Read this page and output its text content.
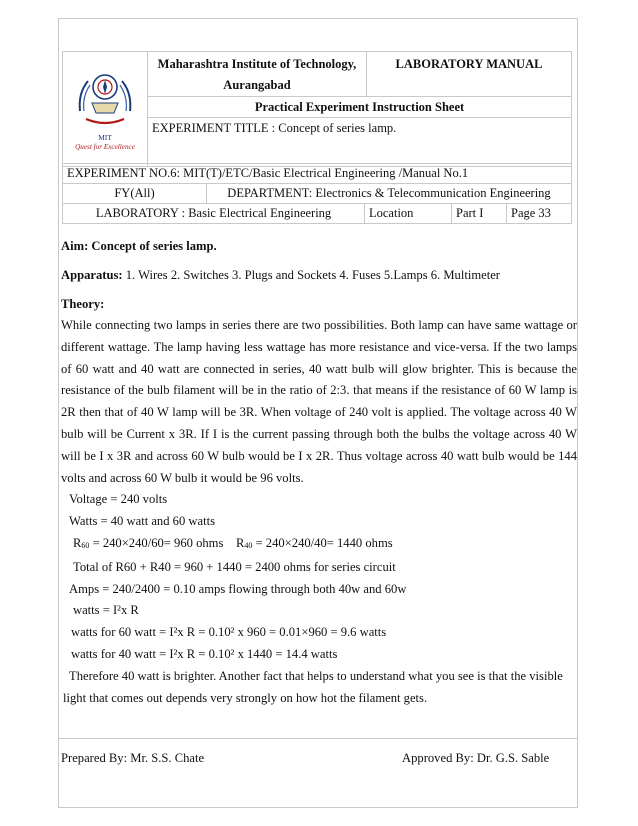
MIT
Quest for Excellence

Maharashtra Institute of Technology,
Aurangabad
	LABORATORY MANUAL
Practical Experiment Instruction Sheet
EXPERIMENT TITLE : Concept of series lamp.
EXPERIMENT NO.6: MIT(T)/ETC/Basic Electrical Engineering /Manual No.1				
FY(All)	DEPARTMENT: Electronics & Telecommunication Engineering			
LABORATORY : Basic Electrical Engineering		Location	Part I	Page 33

Aim: Concept of series lamp.

Apparatus: 1. Wires 2. Switches 3. Plugs and Sockets 4. Fuses 5.Lamps 6. Multimeter

Theory:

While connecting two lamps in series there are two possibilities. Both lamp can have same wattage or different wattage. The lamp having less wattage has more resistance and vice-versa. If the two lamps of 60 watt and 40 watt are connected in series, 40 watt bulb will glow brighter. This is because the resistance of the bulb filament will be in the ratio of 2:3. that means if the resistance of 60 W lamp is 2R then that of 40 W lamp will be 3R. When voltage of 240 volt is applied. The voltage across 40 W bulb will be Current x 3R. If I is the current passing through both the bulbs the voltage across 40 W will be I x 3R and across 60 W bulb would be I x 2R. Thus voltage across 40 watt bulb would be 144 volts and across 60 W bulb it would be 96 volts.

Voltage = 240 volts

Watts = 40 watt and 60 watts

R60 = 240×240/60= 960 ohms R40 = 240×240/40= 1440 ohms

Total of R60 + R40 = 960 + 1440 = 2400 ohms for series circuit

Amps = 240/2400 = 0.10 amps flowing through both 40w and 60w

watts = I²x R

watts for 60 watt = I²x R = 0.10² x 960 = 0.01×960 = 9.6 watts

watts for 40 watt = I²x R = 0.10² x 1440 = 14.4 watts

Therefore 40 watt is brighter. Another fact that helps to understand what you see is that the visible

light that comes out depends very strongly on how hot the filament gets.

Prepared By: Mr. S.S. Chate	Approved By: Dr. G.S. Sable
